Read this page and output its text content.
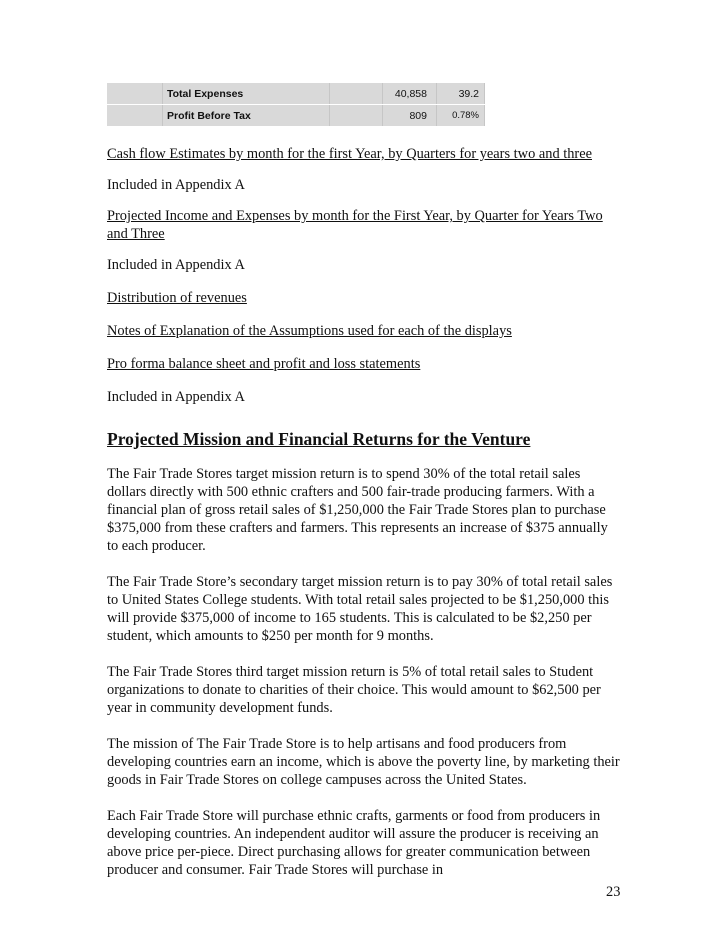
	Total Expenses		40,858	39.2
	Profit Before Tax		809	0.78%

Cash flow Estimates by month for the first Year, by Quarters for years two and three

Included in Appendix A

Projected Income and Expenses by month for the First Year, by Quarter for Years Two and Three

Included in Appendix A

Distribution of revenues

Notes of Explanation of the Assumptions used for each of the displays

Pro forma balance sheet and profit and loss statements

Included in Appendix A

Projected Mission and Financial Returns for the Venture

The Fair Trade Stores target mission return is to spend 30% of the total retail sales dollars directly with 500 ethnic crafters and 500 fair-trade producing farmers. With a financial plan of gross retail sales of $1,250,000 the Fair Trade Stores plan to purchase $375,000 from these crafters and farmers. This represents an increase of $375 annually to each producer.

The Fair Trade Store’s secondary target mission return is to pay 30% of total retail sales to United States College students. With total retail sales projected to be $1,250,000 this will provide $375,000 of income to 165 students. This is calculated to be $2,250 per student, which amounts to $250 per month for 9 months.

The Fair Trade Stores third target mission return is 5% of total retail sales to Student organizations to donate to charities of their choice. This would amount to $62,500 per year in community development funds.

The mission of The Fair Trade Store is to help artisans and food producers from developing countries earn an income, which is above the poverty line, by marketing their goods in Fair Trade Stores on college campuses across the United States.

Each Fair Trade Store will purchase ethnic crafts, garments or food from producers in developing countries. An independent auditor will assure the producer is receiving an above price per-piece. Direct purchasing allows for greater communication between producer and consumer. Fair Trade Stores will purchase in

23
